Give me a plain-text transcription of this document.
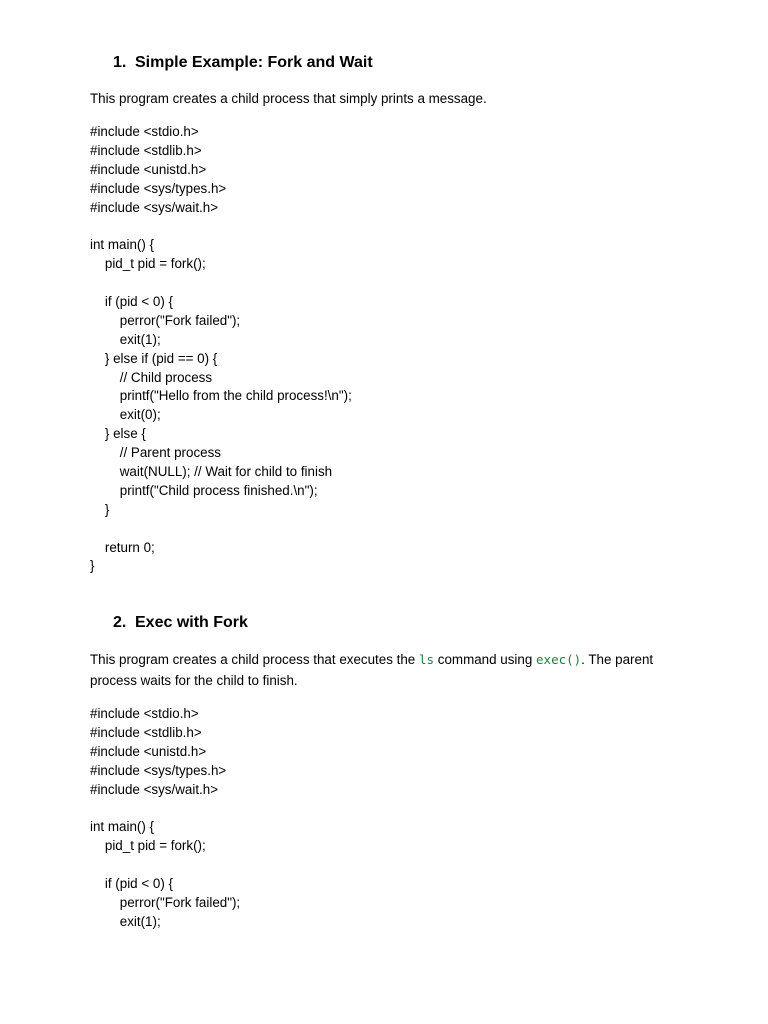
1. Simple Example: Fork and Wait
This program creates a child process that simply prints a message.
#include <stdio.h>
#include <stdlib.h>
#include <unistd.h>
#include <sys/types.h>
#include <sys/wait.h>
int main() {
pid_t pid = fork();
if (pid < 0) {
perror("Fork failed");
exit(1);
} else if (pid == 0) {
// Child process
printf("Hello from the child process!\n");
exit(0);
} else {
// Parent process
wait(NULL); // Wait for child to finish
printf("Child process finished.\n");
}
return 0;
}
2. Exec with Fork
This program creates a child process that executes the ls command using exec(). The parent process waits for the child to finish.
#include <stdio.h>
#include <stdlib.h>
#include <unistd.h>
#include <sys/types.h>
#include <sys/wait.h>
int main() {
pid_t pid = fork();
if (pid < 0) {
perror("Fork failed");
exit(1);
